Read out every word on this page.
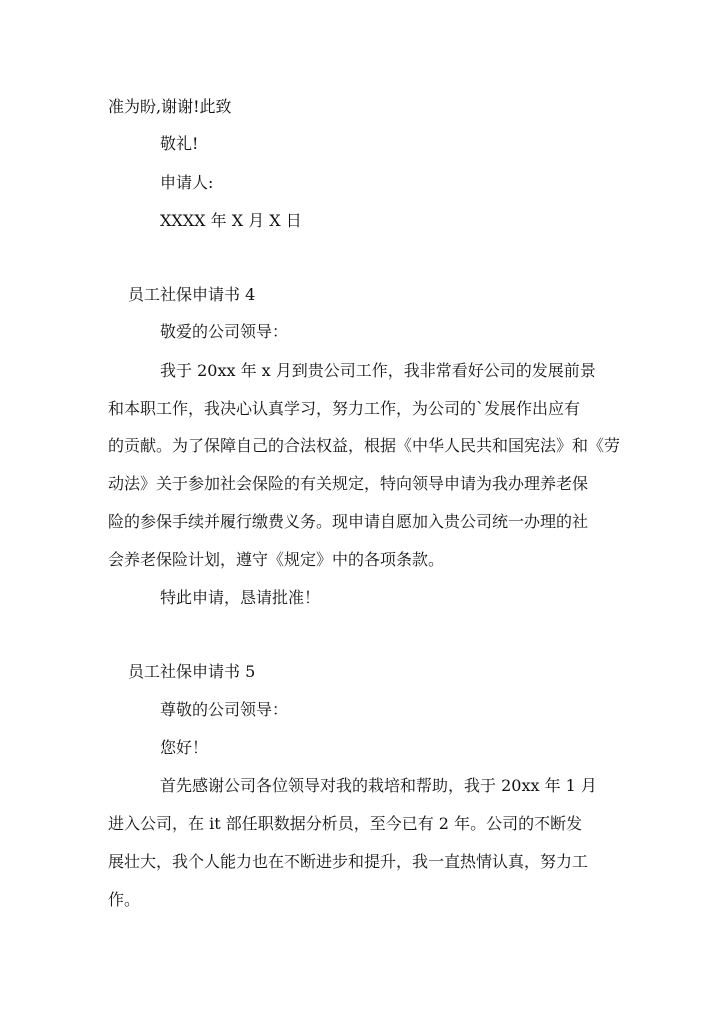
准为盼,谢谢!此致
敬礼!
申请人:
XXXX 年 X 月 X 日
员工社保申请书 4
敬爱的公司领导：
我于 20xx 年 x 月到贵公司工作，我非常看好公司的发展前景
和本职工作，我决心认真学习，努力工作，为公司的`发展作出应有
的贡献。为了保障自己的合法权益，根据《中华人民共和国宪法》和《劳
动法》关于参加社会保险的有关规定，特向领导申请为我办理养老保
险的参保手续并履行缴费义务。现申请自愿加入贵公司统一办理的社
会养老保险计划，遵守《规定》中的各项条款。
特此申请，恳请批准！
员工社保申请书 5
尊敬的公司领导：
您好！
首先感谢公司各位领导对我的栽培和帮助，我于 20xx 年 1 月
进入公司，在 it 部任职数据分析员，至今已有 2 年。公司的不断发
展壮大，我个人能力也在不断进步和提升，我一直热情认真，努力工
作。
